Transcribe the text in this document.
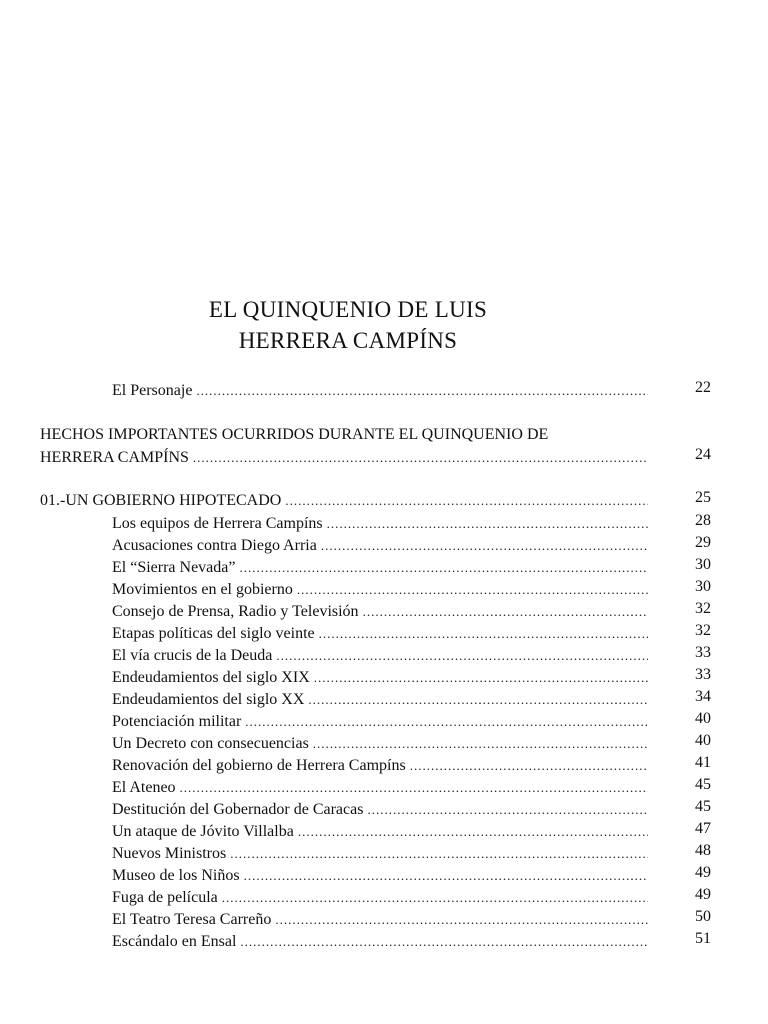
EL QUINQUENIO DE LUIS
HERRERA CAMPÍNS
El Personaje .....	22
HECHOS IMPORTANTES OCURRIDOS DURANTE EL QUINQUENIO DE
HERRERA CAMPÍNS .....	24
01.-UN GOBIERNO HIPOTECADO .....	25
Los equipos de Herrera Campíns .....	28
Acusaciones contra Diego Arria .....	29
El “Sierra Nevada” .....	30
Movimientos en el gobierno .....	30
Consejo de Prensa, Radio y Televisión .....	32
Etapas políticas del siglo veinte .....	32
El vía crucis de la Deuda .....	33
Endeudamientos del siglo XIX .....	33
Endeudamientos del siglo XX .....	34
Potenciación militar .....	40
Un Decreto con consecuencias .....	40
Renovación del gobierno de Herrera Campíns .....	41
El Ateneo .....	45
Destitución del Gobernador de Caracas .....	45
Un ataque de Jóvito Villalba .....	47
Nuevos Ministros .....	48
Museo de los Niños .....	49
Fuga de película .....	49
El Teatro Teresa Carreño .....	50
Escándalo en Ensal .....	51
